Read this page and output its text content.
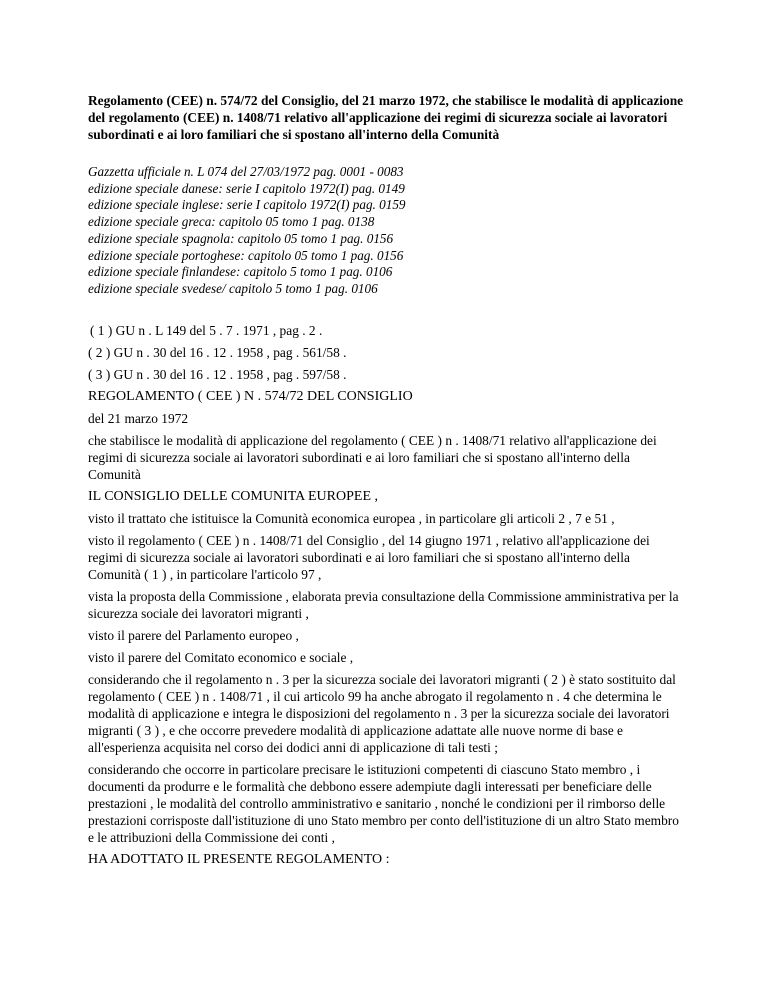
Regolamento (CEE) n. 574/72 del Consiglio, del 21 marzo 1972, che stabilisce le modalità di applicazione del regolamento (CEE) n. 1408/71 relativo all'applicazione dei regimi di sicurezza sociale ai lavoratori subordinati e ai loro familiari che si spostano all'interno della Comunità
Gazzetta ufficiale n. L 074 del 27/03/1972 pag. 0001 - 0083
edizione speciale danese: serie I capitolo 1972(I) pag. 0149
edizione speciale inglese: serie I capitolo 1972(I) pag. 0159
edizione speciale greca: capitolo 05 tomo 1 pag. 0138
edizione speciale spagnola: capitolo 05 tomo 1 pag. 0156
edizione speciale portoghese: capitolo 05 tomo 1 pag. 0156
edizione speciale finlandese: capitolo 5 tomo 1 pag. 0106
edizione speciale svedese/ capitolo 5 tomo 1 pag. 0106

( 1 ) GU n . L 149 del 5 . 7 . 1971 , pag . 2 .

( 2 ) GU n . 30 del 16 . 12 . 1958 , pag . 561/58 .

( 3 ) GU n . 30 del 16 . 12 . 1958 , pag . 597/58 .

REGOLAMENTO ( CEE ) N . 574/72 DEL CONSIGLIO

del 21 marzo 1972

che stabilisce le modalità di applicazione del regolamento ( CEE ) n . 1408/71 relativo all'applicazione dei regimi di sicurezza sociale ai lavoratori subordinati e ai loro familiari che si spostano all'interno della Comunità

IL CONSIGLIO DELLE COMUNITA EUROPEE ,

visto il trattato che istituisce la Comunità economica europea , in particolare gli articoli 2 , 7 e 51 ,

visto il regolamento ( CEE ) n . 1408/71 del Consiglio , del 14 giugno 1971 , relativo all'applicazione dei regimi di sicurezza sociale ai lavoratori subordinati e ai loro familiari che si spostano all'interno della Comunità ( 1 ) , in particolare l'articolo 97 ,

vista la proposta della Commissione , elaborata previa consultazione della Commissione amministrativa per la sicurezza sociale dei lavoratori migranti ,

visto il parere del Parlamento europeo ,

visto il parere del Comitato economico e sociale ,

considerando che il regolamento n . 3 per la sicurezza sociale dei lavoratori migranti ( 2 ) è stato sostituito dal regolamento ( CEE ) n . 1408/71 , il cui articolo 99 ha anche abrogato il regolamento n . 4 che determina le modalità di applicazione e integra le disposizioni del regolamento n . 3 per la sicurezza sociale dei lavoratori migranti ( 3 ) , e che occorre prevedere modalità di applicazione adattate alle nuove norme di base e all'esperienza acquisita nel corso dei dodici anni di applicazione di tali testi ;

considerando che occorre in particolare precisare le istituzioni competenti di ciascuno Stato membro , i documenti da produrre e le formalità che debbono essere adempiute dagli interessati per beneficiare delle prestazioni , le modalità del controllo amministrativo e sanitario , nonché le condizioni per il rimborso delle prestazioni corrisposte dall'istituzione di uno Stato membro per conto dell'istituzione di un altro Stato membro e le attribuzioni della Commissione dei conti ,

HA ADOTTATO IL PRESENTE REGOLAMENTO :
